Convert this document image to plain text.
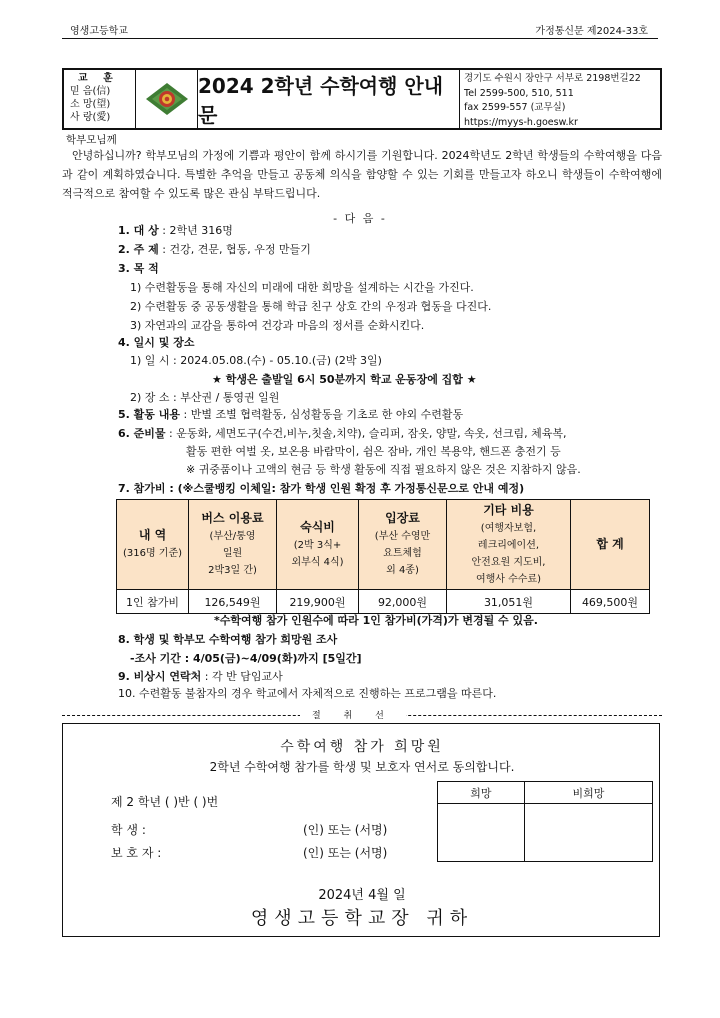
영생고등학교	가정통신문 제2024-33호
교 훈
믿 음(信)
소 망(望)
사 랑(愛)
2024 2학년 수학여행 안내문
경기도 수원시 장안구 서부로 2198번길22
Tel 2599-500, 510, 511
fax 2599-557 (교무실)
https://myys-h.goesw.kr
학부모님께
안녕하십니까? 학부모님의 가정에 기쁨과 평안이 함께 하시기를 기원합니다. 2024학년도 2학년 학생들의 수학여행을 다음과 같이 계획하였습니다. 특별한 추억을 만들고 공동체 의식을 함양할 수 있는 기회를 만들고자 하오니 학생들이 수학여행에 적극적으로 참여할 수 있도록 많은 관심 부탁드립니다.
- 다 음 -
1. 대 상 : 2학년 316명
2. 주 제 : 건강, 견문, 협동, 우정 만들기
3. 목 적
1) 수련활동을 통해 자신의 미래에 대한 희망을 설계하는 시간을 가진다.
2) 수련활동 중 공동생활을 통해 학급 친구 상호 간의 우정과 협동을 다진다.
3) 자연과의 교감을 통하여 건강과 마음의 정서를 순화시킨다.
4. 일시 및 장소
1) 일 시 : 2024.05.08.(수) - 05.10.(금) (2박 3일)
★ 학생은 출발일 6시 50분까지 학교 운동장에 집합 ★
2) 장 소 : 부산권 / 통영권 일원
5. 활동 내용 : 반별 조별 협력활동, 심성활동을 기초로 한 야외 수련활동
6. 준비물 : 운동화, 세면도구(수건,비누,칫솔,치약), 슬리퍼, 잠옷, 양말, 속옷, 선크림, 체육복,
활동 편한 여벌 옷, 보온용 바람막이, 쉼은 잠바, 개인 복용약, 핸드폰 충전기 등
※ 귀중품이나 고액의 현금 등 학생 활동에 직접 필요하지 않은 것은 지참하지 않음.
7. 참가비 : (※스쿨뱅킹 이체일: 참가 학생 인원 확정 후 가정통신문으로 안내 예정)
내 역
(316명 기준)	버스 이용료
(부산/통영
일원
2박3일 간)	숙식비
(2박 3식+
외부식 4식)	입장료
(부산 수영만
요트체험
외 4종)	기타 비용
(여행자보험,
레크리에이션,
안전요원 지도비,
여행사 수수료)	합 계
1인 참가비	126,549원	219,900원	92,000원	31,051원	469,500원
*수학여행 참가 인원수에 따라 1인 참가비(가격)가 변경될 수 있음.
8. 학생 및 학부모 수학여행 참가 희망원 조사
-조사 기간 : 4/05(금)~4/09(화)까지 [5일간]
9. 비상시 연락처 : 각 반 담임교사
10. 수련활동 불참자의 경우 학교에서 자체적으로 진행하는 프로그램을 따른다.
절 취 선
수학여행 참가 희망원
2학년 수학여행 참가를 학생 및 보호자 연서로 동의합니다.
제 2 학년 ( )반 ( )번
학 생 :	(인) 또는 (서명)
보 호 자 :	(인) 또는 (서명)
희망	비희망

2024년 4월 일
영생고등학교장 귀하
